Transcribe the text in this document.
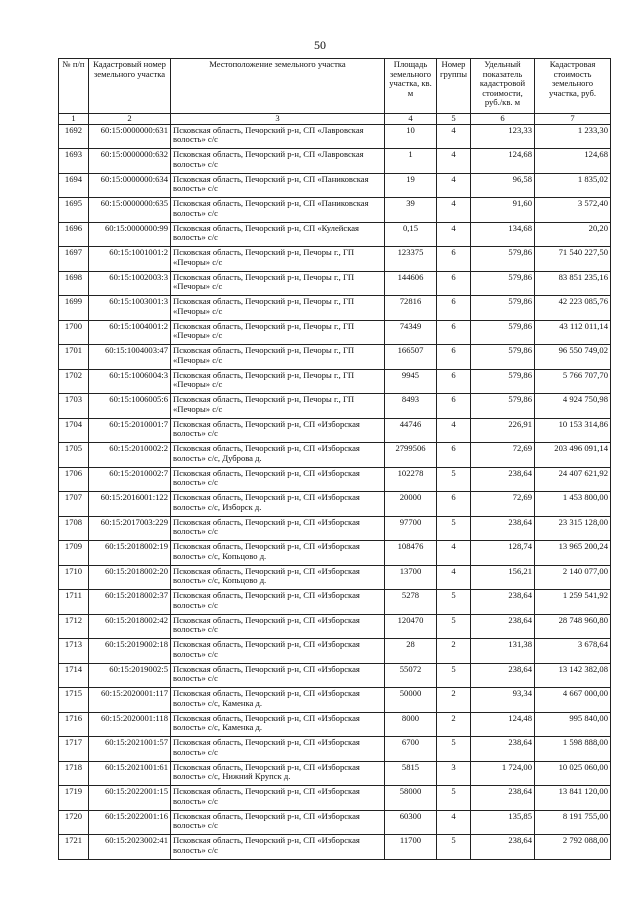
50
№ п/п	Кадастровый номер земельного участка	Местоположение земельного участка	Площадь земельного участка, кв. м	Номер группы	Удельный показатель кадастровой стоимости, руб./кв. м	Кадастровая стоимость земельного участка, руб.
1	2	3	4	5	6	7
1692	60:15:0000000:631	Псковская область, Печорский р-н, СП «Лавровская волость» с/с	10	4	123,33	1 233,30
1693	60:15:0000000:632	Псковская область, Печорский р-н, СП «Лавровская волость» с/с	1	4	124,68	124,68
1694	60:15:0000000:634	Псковская область, Печорский р-н, СП «Паниковская волость» с/с	19	4	96,58	1 835,02
1695	60:15:0000000:635	Псковская область, Печорский р-н, СП «Паниковская волость» с/с	39	4	91,60	3 572,40
1696	60:15:0000000:99	Псковская область, Печорский р-н, СП «Кулейская волость» с/с	0,15	4	134,68	20,20
1697	60:15:1001001:2	Псковская область, Печорский р-н, Печоры г., ГП «Печоры» с/с	123375	6	579,86	71 540 227,50
1698	60:15:1002003:3	Псковская область, Печорский р-н, Печоры г., ГП «Печоры» с/с	144606	6	579,86	83 851 235,16
1699	60:15:1003001:3	Псковская область, Печорский р-н, Печоры г., ГП «Печоры» с/с	72816	6	579,86	42 223 085,76
1700	60:15:1004001:2	Псковская область, Печорский р-н, Печоры г., ГП «Печоры» с/с	74349	6	579,86	43 112 011,14
1701	60:15:1004003:47	Псковская область, Печорский р-н, Печоры г., ГП «Печоры» с/с	166507	6	579,86	96 550 749,02
1702	60:15:1006004:3	Псковская область, Печорский р-н, Печоры г., ГП «Печоры» с/с	9945	6	579,86	5 766 707,70
1703	60:15:1006005:6	Псковская область, Печорский р-н, Печоры г., ГП «Печоры» с/с	8493	6	579,86	4 924 750,98
1704	60:15:2010001:7	Псковская область, Печорский р-н, СП «Изборская волость» с/с	44746	4	226,91	10 153 314,86
1705	60:15:2010002:2	Псковская область, Печорский р-н, СП «Изборская волость» с/с, Дуброва д.	2799506	6	72,69	203 496 091,14
1706	60:15:2010002:7	Псковская область, Печорский р-н, СП «Изборская волость» с/с	102278	5	238,64	24 407 621,92
1707	60:15:2016001:122	Псковская область, Печорский р-н, СП «Изборская волость» с/с, Изборск д.	20000	6	72,69	1 453 800,00
1708	60:15:2017003:229	Псковская область, Печорский р-н, СП «Изборская волость» с/с	97700	5	238,64	23 315 128,00
1709	60:15:2018002:19	Псковская область, Печорский р-н, СП «Изборская волость» с/с, Копьцово д.	108476	4	128,74	13 965 200,24
1710	60:15:2018002:20	Псковская область, Печорский р-н, СП «Изборская волость» с/с, Копьцово д.	13700	4	156,21	2 140 077,00
1711	60:15:2018002:37	Псковская область, Печорский р-н, СП «Изборская волость» с/с	5278	5	238,64	1 259 541,92
1712	60:15:2018002:42	Псковская область, Печорский р-н, СП «Изборская волость» с/с	120470	5	238,64	28 748 960,80
1713	60:15:2019002:18	Псковская область, Печорский р-н, СП «Изборская волость» с/с	28	2	131,38	3 678,64
1714	60:15:2019002:5	Псковская область, Печорский р-н, СП «Изборская волость» с/с	55072	5	238,64	13 142 382,08
1715	60:15:2020001:117	Псковская область, Печорский р-н, СП «Изборская волость» с/с, Каменка д.	50000	2	93,34	4 667 000,00
1716	60:15:2020001:118	Псковская область, Печорский р-н, СП «Изборская волость» с/с, Каменка д.	8000	2	124,48	995 840,00
1717	60:15:2021001:57	Псковская область, Печорский р-н, СП «Изборская волость» с/с	6700	5	238,64	1 598 888,00
1718	60:15:2021001:61	Псковская область, Печорский р-н, СП «Изборская волость» с/с, Нижний Крупск д.	5815	3	1 724,00	10 025 060,00
1719	60:15:2022001:15	Псковская область, Печорский р-н, СП «Изборская волость» с/с	58000	5	238,64	13 841 120,00
1720	60:15:2022001:16	Псковская область, Печорский р-н, СП «Изборская волость» с/с	60300	4	135,85	8 191 755,00
1721	60:15:2023002:41	Псковская область, Печорский р-н, СП «Изборская волость» с/с	11700	5	238,64	2 792 088,00
